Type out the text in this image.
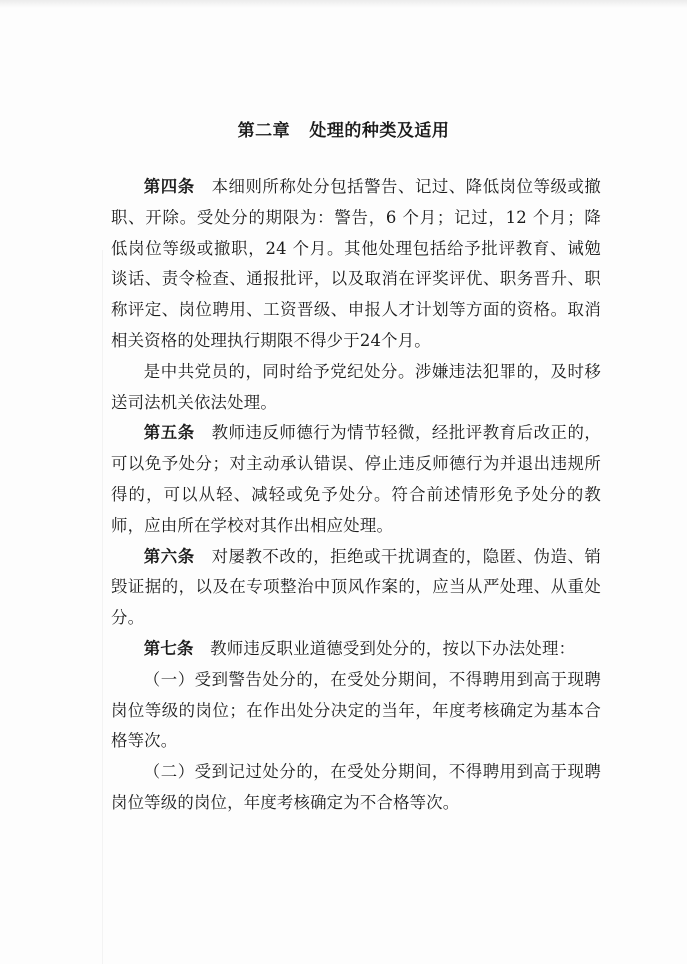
第二章   处理的种类及适用

第四条　 本细则所称处分包括警告、记过、降低岗位等级或撤职、开除。受处分的期限为：警告，6 个月；记过，12 个月；降低岗位等级或撤职，24 个月。其他处理包括给予批评教育、诫勉谈话、责令检查、通报批评，以及取消在评奖评优、职务晋升、职称评定、岗位聘用、工资晋级、申报人才计划等方面的资格。取消相关资格的处理执行期限不得少于24个月。

是中共党员的，同时给予党纪处分。涉嫌违法犯罪的，及时移送司法机关依法处理。

第五条　 教师违反师德行为情节轻微，经批评教育后改正的，可以免予处分；对主动承认错误、停止违反师德行为并退出违规所得的，可以从轻、减轻或免予处分。符合前述情形免予处分的教师，应由所在学校对其作出相应处理。

第六条　 对屡教不改的，拒绝或干扰调查的，隐匿、伪造、销毁证据的，以及在专项整治中顶风作案的，应当从严处理、从重处分。

第七条　 教师违反职业道德受到处分的，按以下办法处理：

（一）受到警告处分的，在受处分期间，不得聘用到高于现聘岗位等级的岗位；在作出处分决定的当年，年度考核确定为基本合格等次。

（二）受到记过处分的，在受处分期间，不得聘用到高于现聘岗位等级的岗位，年度考核确定为不合格等次。
